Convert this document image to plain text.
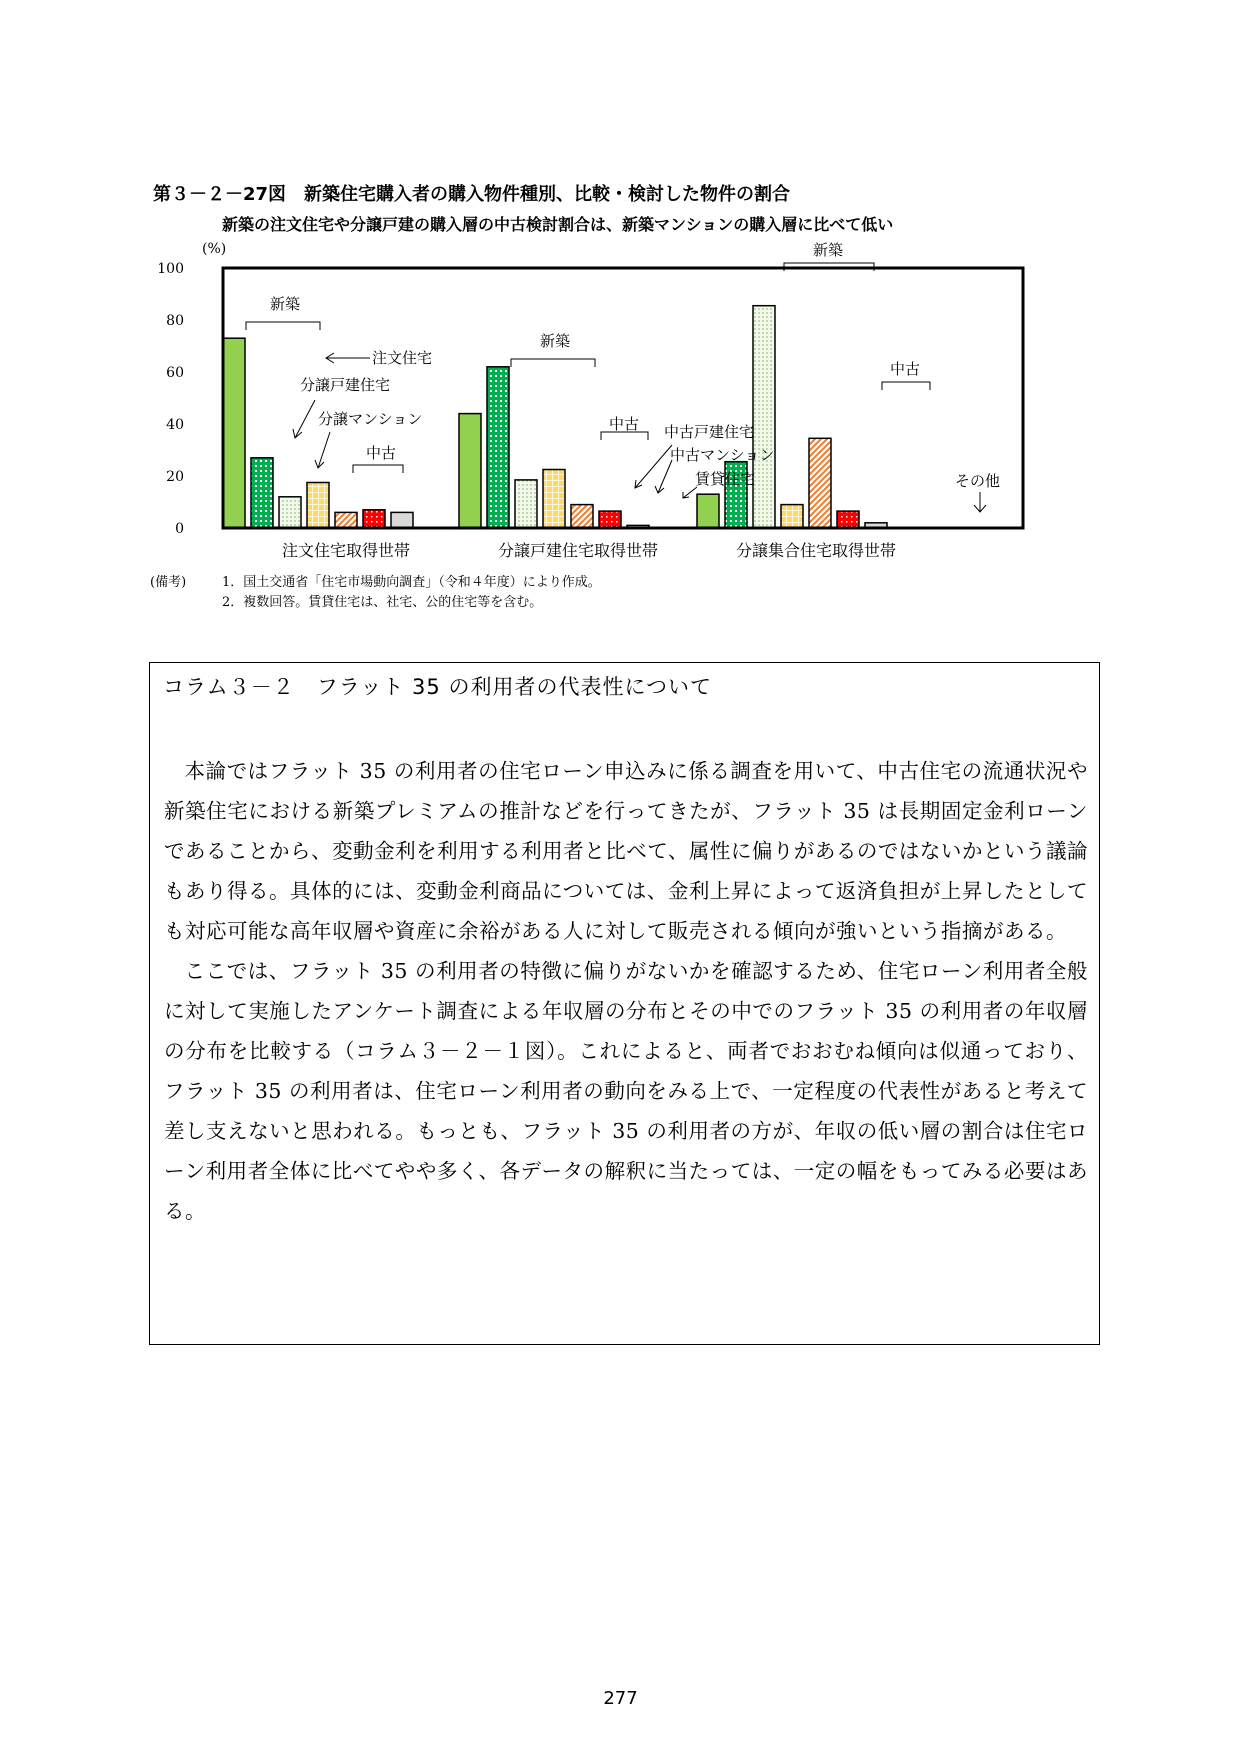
第３－２－27図　新築住宅購入者の購入物件種別、比較・検討した物件の割合
新築の注文住宅や分譲戸建の購入層の中古検討割合は、新築マンションの購入層に比べて低い
0
20
40
60
80
100
(%)
注文住宅取得世帯	分譲戸建住宅取得世帯	分譲集合住宅取得世帯
新築
中古
注文住宅
分譲戸建住宅
分譲マンション
新築
中古 中古戸建住宅
中古マンション
賃貸住宅
新築
中古
その他
(備考)	1．国土交通省「住宅市場動向調査」（令和４年度）により作成。
2．複数回答。賃貸住宅は、社宅、公的住宅等を含む。
コラム３－２　フラット 35 の利用者の代表性について

本論ではフラット 35 の利用者の住宅ローン申込みに係る調査を用いて、中古住宅の流通状況や新築住宅における新築プレミアムの推計などを行ってきたが、フラット 35 は長期固定金利ローンであることから、変動金利を利用する利用者と比べて、属性に偏りがあるのではないかという議論もあり得る。具体的には、変動金利商品については、金利上昇によって返済負担が上昇したとしても対応可能な高年収層や資産に余裕がある人に対して販売される傾向が強いという指摘がある。

ここでは、フラット 35 の利用者の特徴に偏りがないかを確認するため、住宅ローン利用者全般に対して実施したアンケート調査による年収層の分布とその中でのフラット 35 の利用者の年収層の分布を比較する（コラム３－２－１図）。これによると、両者でおおむね傾向は似通っており、フラット 35 の利用者は、住宅ローン利用者の動向をみる上で、一定程度の代表性があると考えて差し支えないと思われる。もっとも、フラット 35 の利用者の方が、年収の低い層の割合は住宅ローン利用者全体に比べてやや多く、各データの解釈に当たっては、一定の幅をもってみる必要はある。

277
